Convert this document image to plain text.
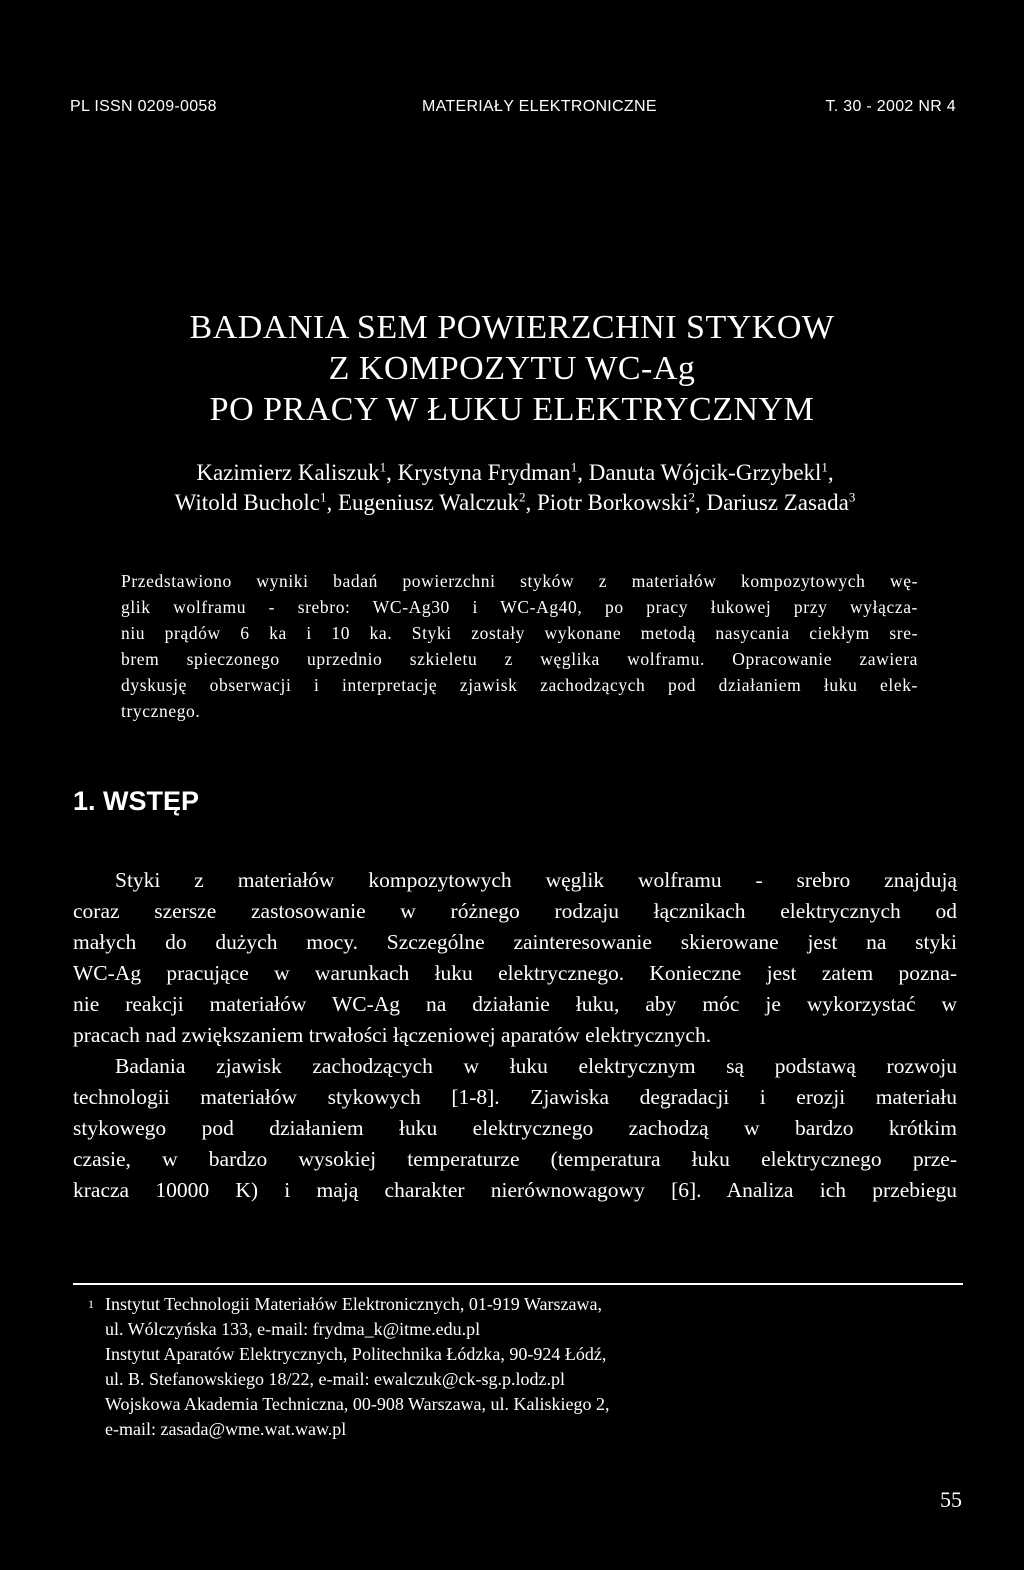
PL ISSN 0209-0058	MATERIAŁY ELEKTRONICZNE	T. 30 - 2002 NR 4
BADANIA SEM POWIERZCHNI STYKOW
Z KOMPOZYTU WC-Ag
PO PRACY W ŁUKU ELEKTRYCZNYM
Kazimierz Kaliszuk$^1$, Krystyna Frydman$^1$, Danuta Wójcik-Grzybekl$^1$,
Witold Bucholc$^1$, Eugeniusz Walczuk$^2$, Piotr Borkowski$^2$, Dariusz Zasada$^3$
Przedstawiono wyniki badań powierzchni styków z materiałów kompozytowych wę-
glik wolframu - srebro: WC-Ag30 i WC-Ag40, po pracy łukowej przy wyłącza-
niu prądów 6 ka i 10 ka. Styki zostały wykonane metodą nasycania ciekłym sre-
brem spieczonego uprzednio szkieletu z węglika wolframu. Opracowanie zawiera
dyskusję obserwacji i interpretację zjawisk zachodzących pod działaniem łuku elek-
trycznego.
1. WSTĘP
Styki z materiałów kompozytowych węglik wolframu - srebro znajdują
coraz szersze zastosowanie w różnego rodzaju łącznikach elektrycznych od
małych do dużych mocy. Szczególne zainteresowanie skierowane jest na styki
WC-Ag pracujące w warunkach łuku elektrycznego. Konieczne jest zatem pozna-
nie reakcji materiałów WC-Ag na działanie łuku, aby móc je wykorzystać w
pracach nad zwiększaniem trwałości łączeniowej aparatów elektrycznych.
Badania zjawisk zachodzących w łuku elektrycznym są podstawą rozwoju
technologii materiałów stykowych [1-8]. Zjawiska degradacji i erozji materiału
stykowego pod działaniem łuku elektrycznego zachodzą w bardzo krótkim
czasie, w bardzo wysokiej temperaturze (temperatura łuku elektrycznego prze-
kracza 10000 K) i mają charakter nierównowagowy [6]. Analiza ich przebiegu
1 Instytut Technologii Materiałów Elektronicznych, 01-919 Warszawa,
ul. Wólczyńska 133, e-mail: frydma_k@itme.edu.pl
Instytut Aparatów Elektrycznych, Politechnika Łódzka, 90-924 Łódź,
ul. B. Stefanowskiego 18/22, e-mail: ewalczuk@ck-sg.p.lodz.pl
Wojskowa Akademia Techniczna, 00-908 Warszawa, ul. Kaliskiego 2,
e-mail: zasada@wme.wat.waw.pl
55
